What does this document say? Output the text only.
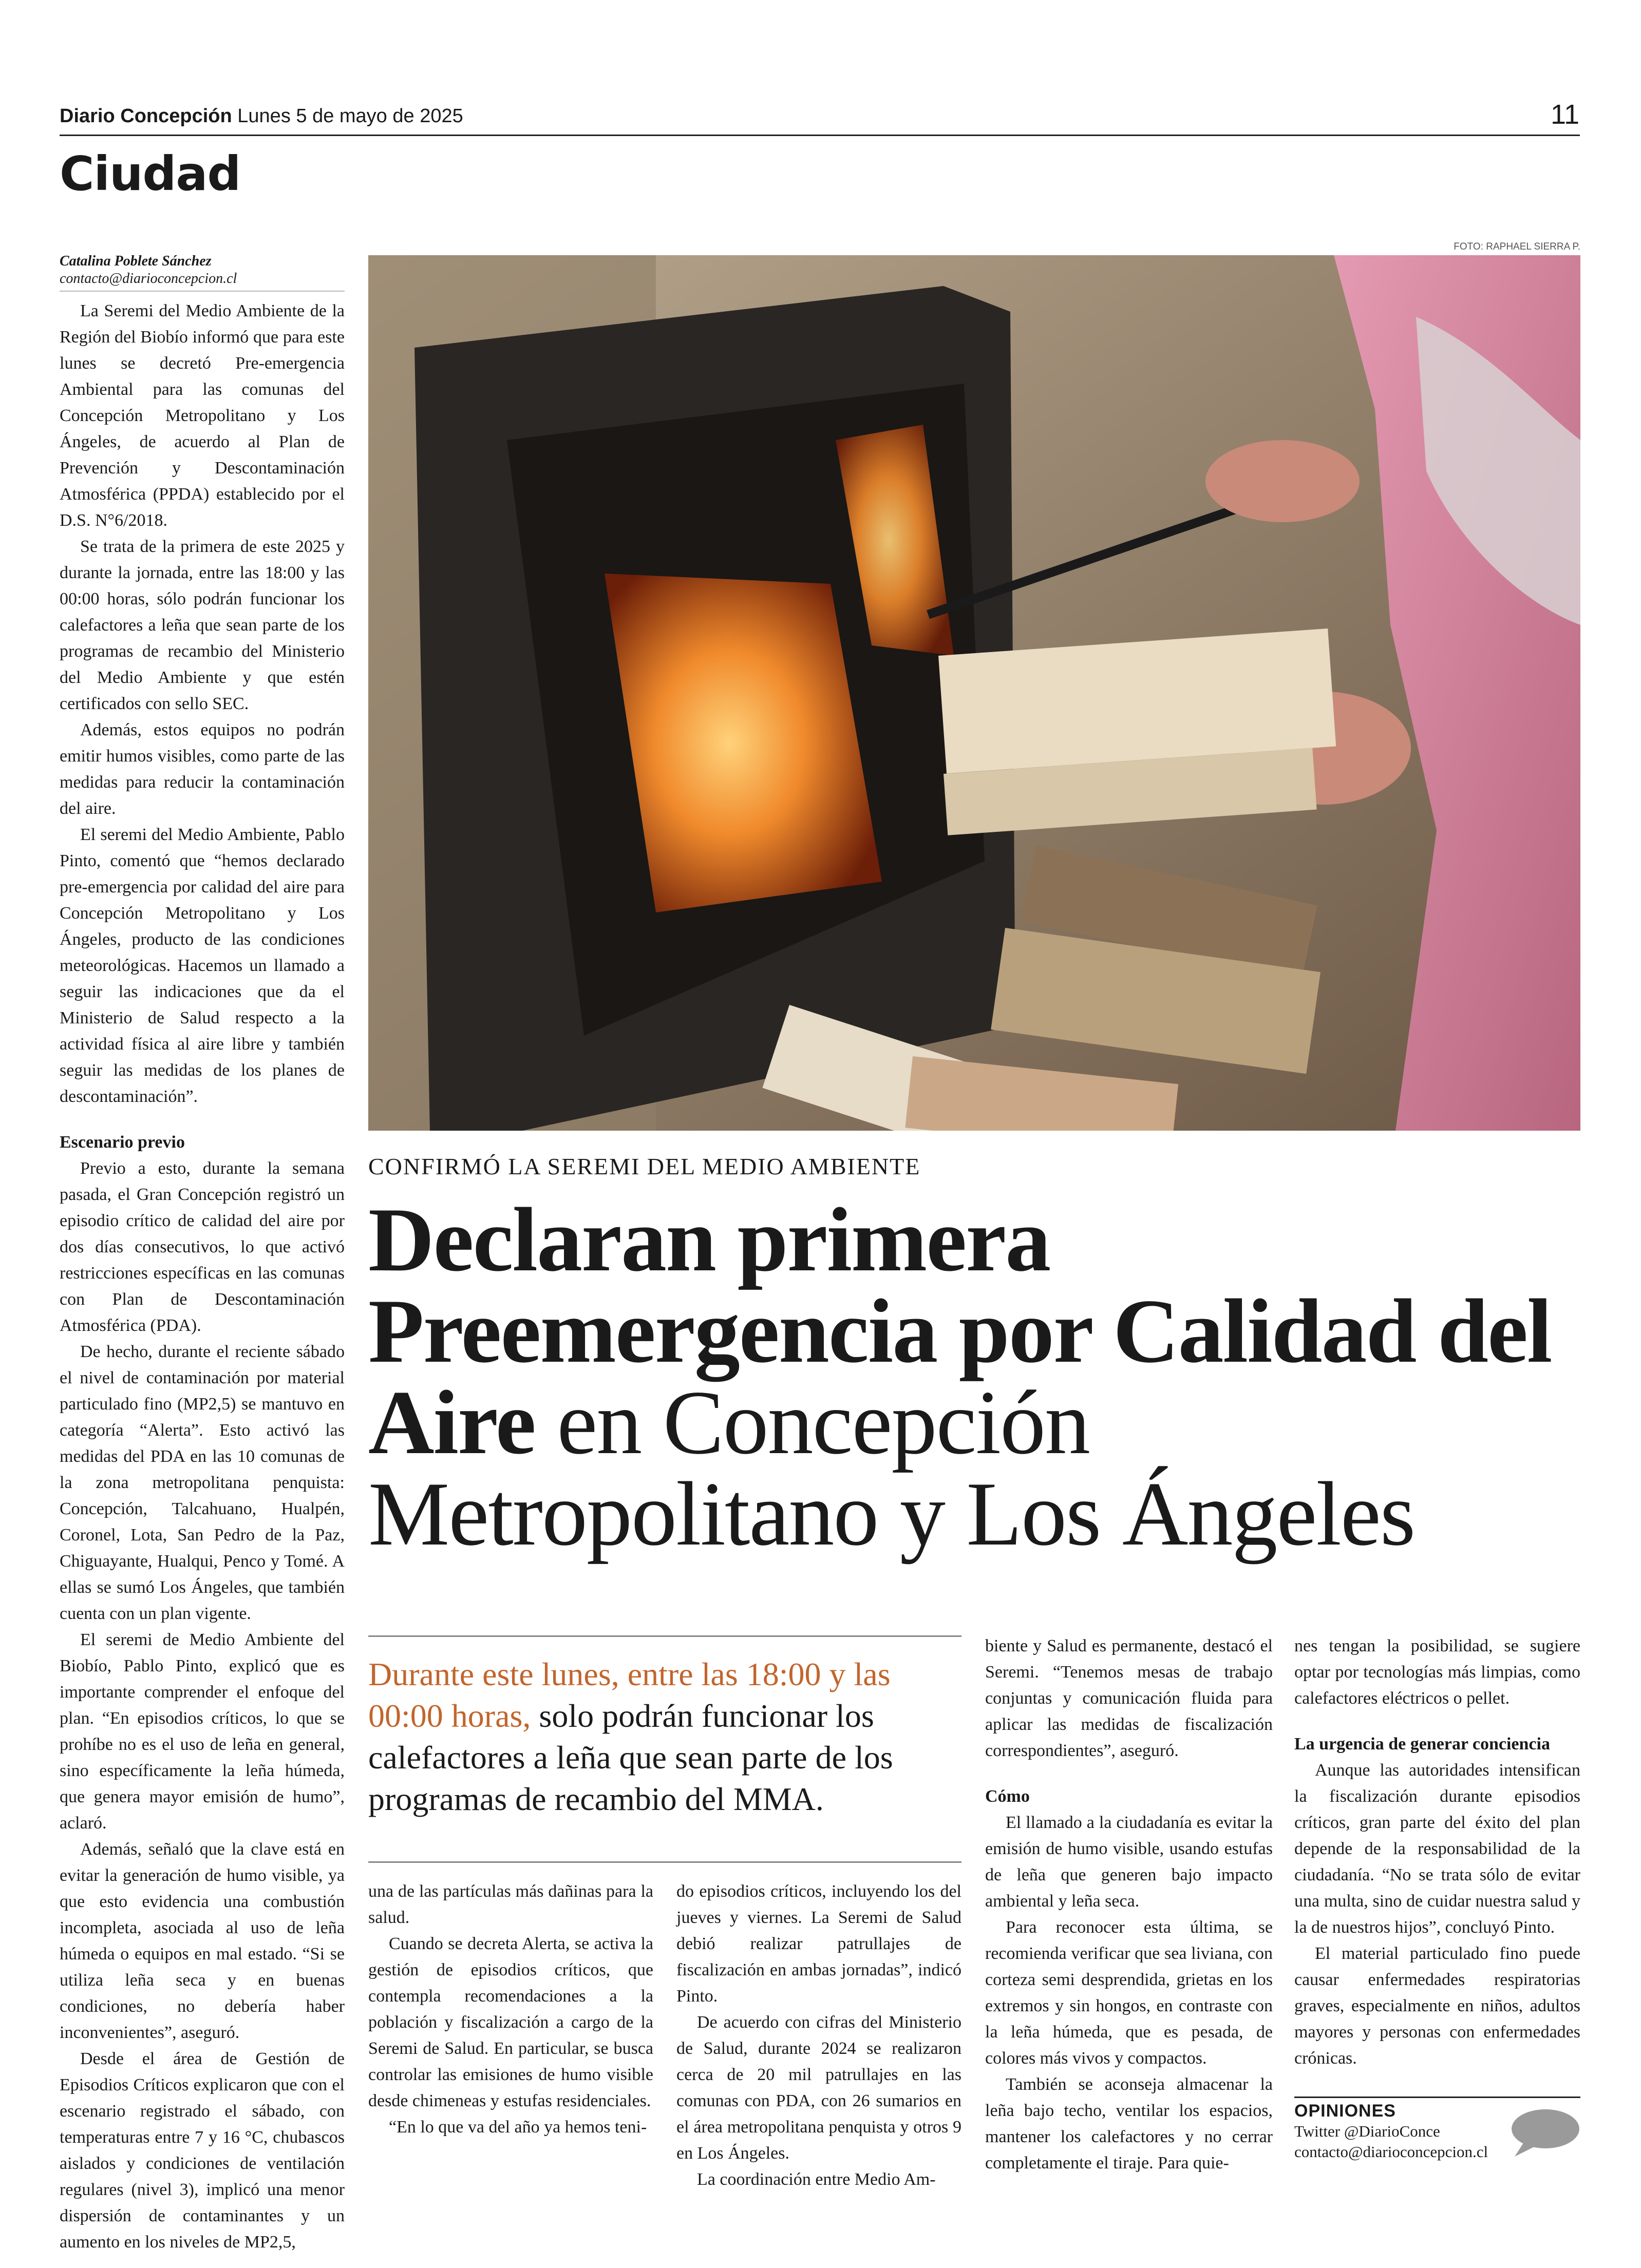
Diario Concepción Lunes 5 de mayo de 2025	11
Ciudad
Catalina Poblete Sánchez
contacto@diarioconcepcion.cl

La Seremi del Medio Ambiente de la Región del Biobío informó que para este lunes se decretó Pre-emergencia Ambiental para las comunas del Concepción Metropolitano y Los Ángeles, de acuerdo al Plan de Prevención y Descontaminación Atmosférica (PPDA) establecido por el D.S. N°6/2018.

Se trata de la primera de este 2025 y durante la jornada, entre las 18:00 y las 00:00 horas, sólo podrán funcionar los calefactores a leña que sean parte de los programas de recambio del Ministerio del Medio Ambiente y que estén certificados con sello SEC.

Además, estos equipos no podrán emitir humos visibles, como parte de las medidas para reducir la contaminación del aire.

El seremi del Medio Ambiente, Pablo Pinto, comentó que “hemos declarado pre-emergencia por calidad del aire para Concepción Metropolitano y Los Ángeles, producto de las condiciones meteorológicas. Hacemos un llamado a seguir las indicaciones que da el Ministerio de Salud respecto a la actividad física al aire libre y también seguir las medidas de los planes de descontaminación”.

Escenario previo

Previo a esto, durante la semana pasada, el Gran Concepción registró un episodio crítico de calidad del aire por dos días consecutivos, lo que activó restricciones específicas en las comunas con Plan de Descontaminación Atmosférica (PDA).

De hecho, durante el reciente sábado el nivel de contaminación por material particulado fino (MP2,5) se mantuvo en categoría “Alerta”. Esto activó las medidas del PDA en las 10 comunas de la zona metropolitana penquista: Concepción, Talcahuano, Hualpén, Coronel, Lota, San Pedro de la Paz, Chiguayante, Hualqui, Penco y Tomé. A ellas se sumó Los Ángeles, que también cuenta con un plan vigente.

El seremi de Medio Ambiente del Biobío, Pablo Pinto, explicó que es importante comprender el enfoque del plan. “En episodios críticos, lo que se prohíbe no es el uso de leña en general, sino específicamente la leña húmeda, que genera mayor emisión de humo”, aclaró.

Además, señaló que la clave está en evitar la generación de humo visible, ya que esto evidencia una combustión incompleta, asociada al uso de leña húmeda o equipos en mal estado. “Si se utiliza leña seca y en buenas condiciones, no debería haber inconvenientes”, aseguró.

Desde el área de Gestión de Episodios Críticos explicaron que con el escenario registrado el sábado, con temperaturas entre 7 y 16 °C, chubascos aislados y condiciones de ventilación regulares (nivel 3), implicó una menor dispersión de contaminantes y un aumento en los niveles de MP2,5,

FOTO: RAPHAEL SIERRA P.
CONFIRMÓ LA SEREMI DEL MEDIO AMBIENTE
Declaran primera Preemergencia por Calidad del Aire en Concepción Metropolitano y Los Ángeles
Durante este lunes, entre las 18:00 y las 00:00 horas, solo podrán funcionar los calefactores a leña que sean parte de los programas de recambio del MMA.

una de las partículas más dañinas para la salud.

Cuando se decreta Alerta, se activa la gestión de episodios críticos, que contempla recomendaciones a la población y fiscalización a cargo de la Seremi de Salud. En particular, se busca controlar las emisiones de humo visible desde chimeneas y estufas residenciales.

“En lo que va del año ya hemos teni-

do episodios críticos, incluyendo los del jueves y viernes. La Seremi de Salud debió realizar patrullajes de fiscalización en ambas jornadas”, indicó Pinto.

De acuerdo con cifras del Ministerio de Salud, durante 2024 se realizaron cerca de 20 mil patrullajes en las comunas con PDA, con 26 sumarios en el área metropolitana penquista y otros 9 en Los Ángeles.

La coordinación entre Medio Am-

biente y Salud es permanente, destacó el Seremi. “Tenemos mesas de trabajo conjuntas y comunicación fluida para aplicar las medidas de fiscalización correspondientes”, aseguró.

Cómo

El llamado a la ciudadanía es evitar la emisión de humo visible, usando estufas de leña que generen bajo impacto ambiental y leña seca.

Para reconocer esta última, se recomienda verificar que sea liviana, con corteza semi desprendida, grietas en los extremos y sin hongos, en contraste con la leña húmeda, que es pesada, de colores más vivos y compactos.

También se aconseja almacenar la leña bajo techo, ventilar los espacios, mantener los calefactores y no cerrar completamente el tiraje. Para quie-

nes tengan la posibilidad, se sugiere optar por tecnologías más limpias, como calefactores eléctricos o pellet.

La urgencia de generar conciencia

Aunque las autoridades intensifican la fiscalización durante episodios críticos, gran parte del éxito del plan depende de la responsabilidad de la ciudadanía. “No se trata sólo de evitar una multa, sino de cuidar nuestra salud y la de nuestros hijos”, concluyó Pinto.

El material particulado fino puede causar enfermedades respiratorias graves, especialmente en niños, adultos mayores y personas con enfermedades crónicas.

OPINIONES
Twitter @DiarioConce
contacto@diarioconcepcion.cl
